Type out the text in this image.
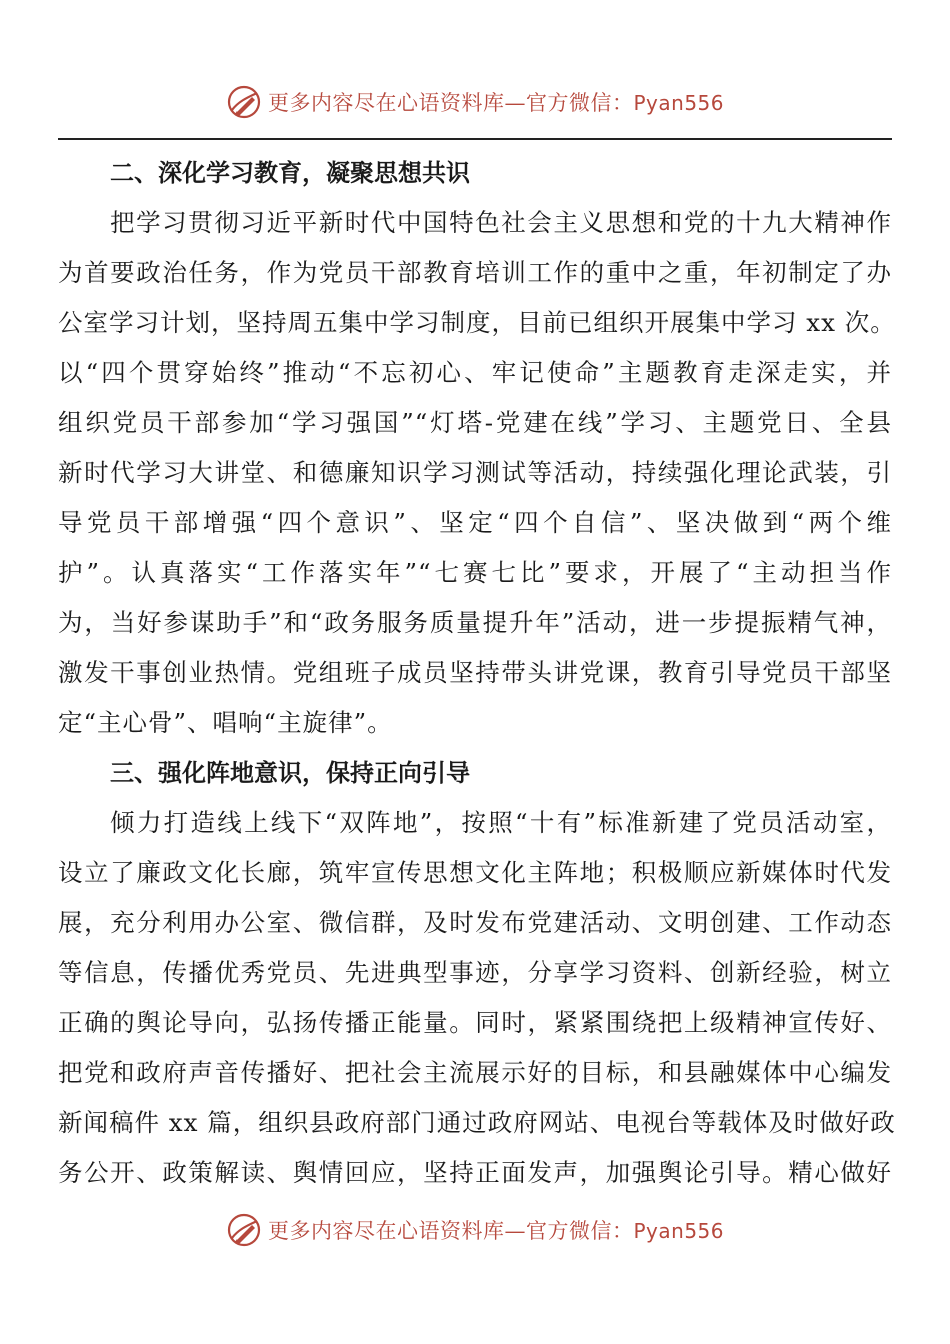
更多内容尽在心语资料库—官方微信：Pyan556
二、深化学习教育，凝聚思想共识
把学习贯彻习近平新时代中国特色社会主义思想和党的十九大精神作
为首要政治任务，作为党员干部教育培训工作的重中之重，年初制定了办
公室学习计划，坚持周五集中学习制度，目前已组织开展集中学习 xx 次。
以“四个贯穿始终”推动“不忘初心、牢记使命”主题教育走深走实，并
组织党员干部参加“学习强国”“灯塔-党建在线”学习、主题党日、全县
新时代学习大讲堂、和德廉知识学习测试等活动，持续强化理论武装，引
导党员干部增强“四个意识”、坚定“四个自信”、坚决做到“两个维
护”。认真落实“工作落实年”“七赛七比”要求，开展了“主动担当作
为，当好参谋助手”和“政务服务质量提升年”活动，进一步提振精气神，
激发干事创业热情。党组班子成员坚持带头讲党课，教育引导党员干部坚
定“主心骨”、唱响“主旋律”。
三、强化阵地意识，保持正向引导
倾力打造线上线下“双阵地”，按照“十有”标准新建了党员活动室，
设立了廉政文化长廊，筑牢宣传思想文化主阵地；积极顺应新媒体时代发
展，充分利用办公室、微信群，及时发布党建活动、文明创建、工作动态
等信息，传播优秀党员、先进典型事迹，分享学习资料、创新经验，树立
正确的舆论导向，弘扬传播正能量。同时，紧紧围绕把上级精神宣传好、
把党和政府声音传播好、把社会主流展示好的目标，和县融媒体中心编发
新闻稿件 xx 篇，组织县政府部门通过政府网站、电视台等载体及时做好政
务公开、政策解读、舆情回应，坚持正面发声，加强舆论引导。精心做好
更多内容尽在心语资料库—官方微信：Pyan556
